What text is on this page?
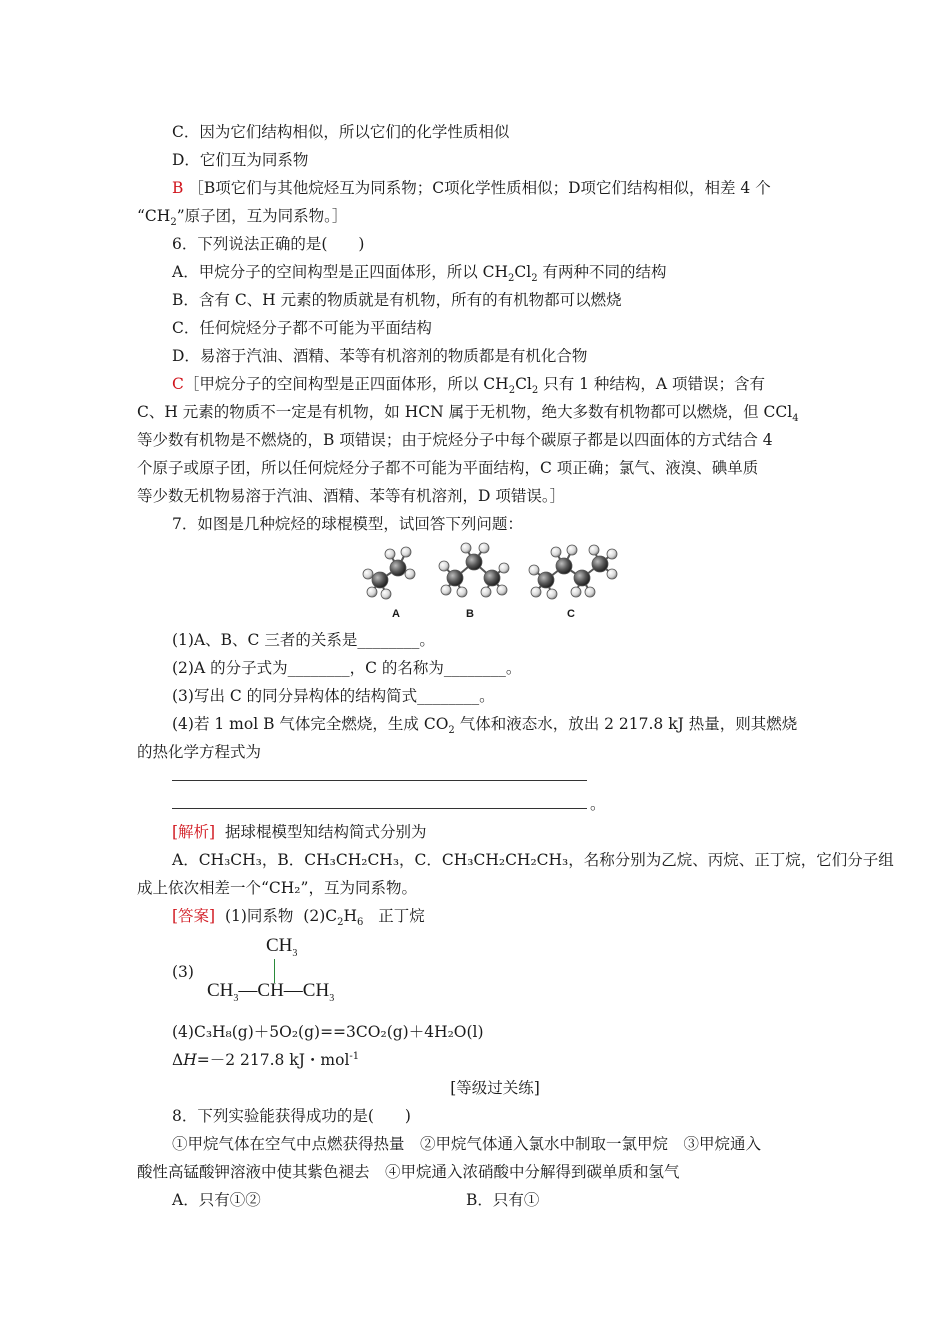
C．因为它们结构相似，所以它们的化学性质相似
D．它们互为同系物
B ［B项它们与其他烷烃互为同系物；C项化学性质相似；D项它们结构相似，相差 4 个
“$CH_2$”原子团，互为同系物。］
6．下列说法正确的是(　　)
A．甲烷分子的空间构型是正四面体形，所以 $CH_2Cl_2$ 有两种不同的结构
B．含有 C、H 元素的物质就是有机物，所有的有机物都可以燃烧
C．任何烷烃分子都不可能为平面结构
D．易溶于汽油、酒精、苯等有机溶剂的物质都是有机化合物
C［甲烷分子的空间构型是正四面体形，所以 $CH_2Cl_2$ 只有 1 种结构，A 项错误；含有
C、H 元素的物质不一定是有机物，如 HCN 属于无机物，绝大多数有机物都可以燃烧，但 CCl$_4$
等少数有机物是不燃烧的，B 项错误；由于烷烃分子中每个碳原子都是以四面体的方式结合 4
个原子或原子团，所以任何烷烃分子都不可能为平面结构，C 项正确；氯气、液溴、碘单质
等少数无机物易溶于汽油、酒精、苯等有机溶剂，D 项错误。］
7．如图是几种烷烃的球棍模型，试回答下列问题：
A	B	C
(1)A、B、C 三者的关系是________。
(2)A 的分子式为________，C 的名称为________。
(3)写出 C 的同分异构体的结构简式________。
(4)若 1 mol B 气体完全燃烧，生成 $CO_2$ 气体和液态水，放出 2 217.8 kJ 热量，则其燃烧
的热化学方程式为
。
[解析] 据球棍模型知结构简式分别为
A．CH₃CH₃，B．CH₃CH₂CH₃，C．CH₃CH₂CH₂CH₃，名称分别为乙烷、丙烷、正丁烷，它们分子组
成上依次相差一个“CH₂”，互为同系物。
[答案] (1)同系物 $(2)C_2H_6$ 正丁烷
(3)
$CH_3$
$CH_3—CH—CH_3$
(4)C₃H₈(g)＋5O₂(g)==3CO₂(g)＋4H₂O(l)
ΔH=－2 217.8 kJ・mol$^{-1}$
[等级过关练]
8．下列实验能获得成功的是(　　)
①甲烷气体在空气中点燃获得热量　②甲烷气体通入氯水中制取一氯甲烷　③甲烷通入
酸性高锰酸钾溶液中使其紫色褪去　④甲烷通入浓硝酸中分解得到碳单质和氢气
A．只有①②	B．只有①
